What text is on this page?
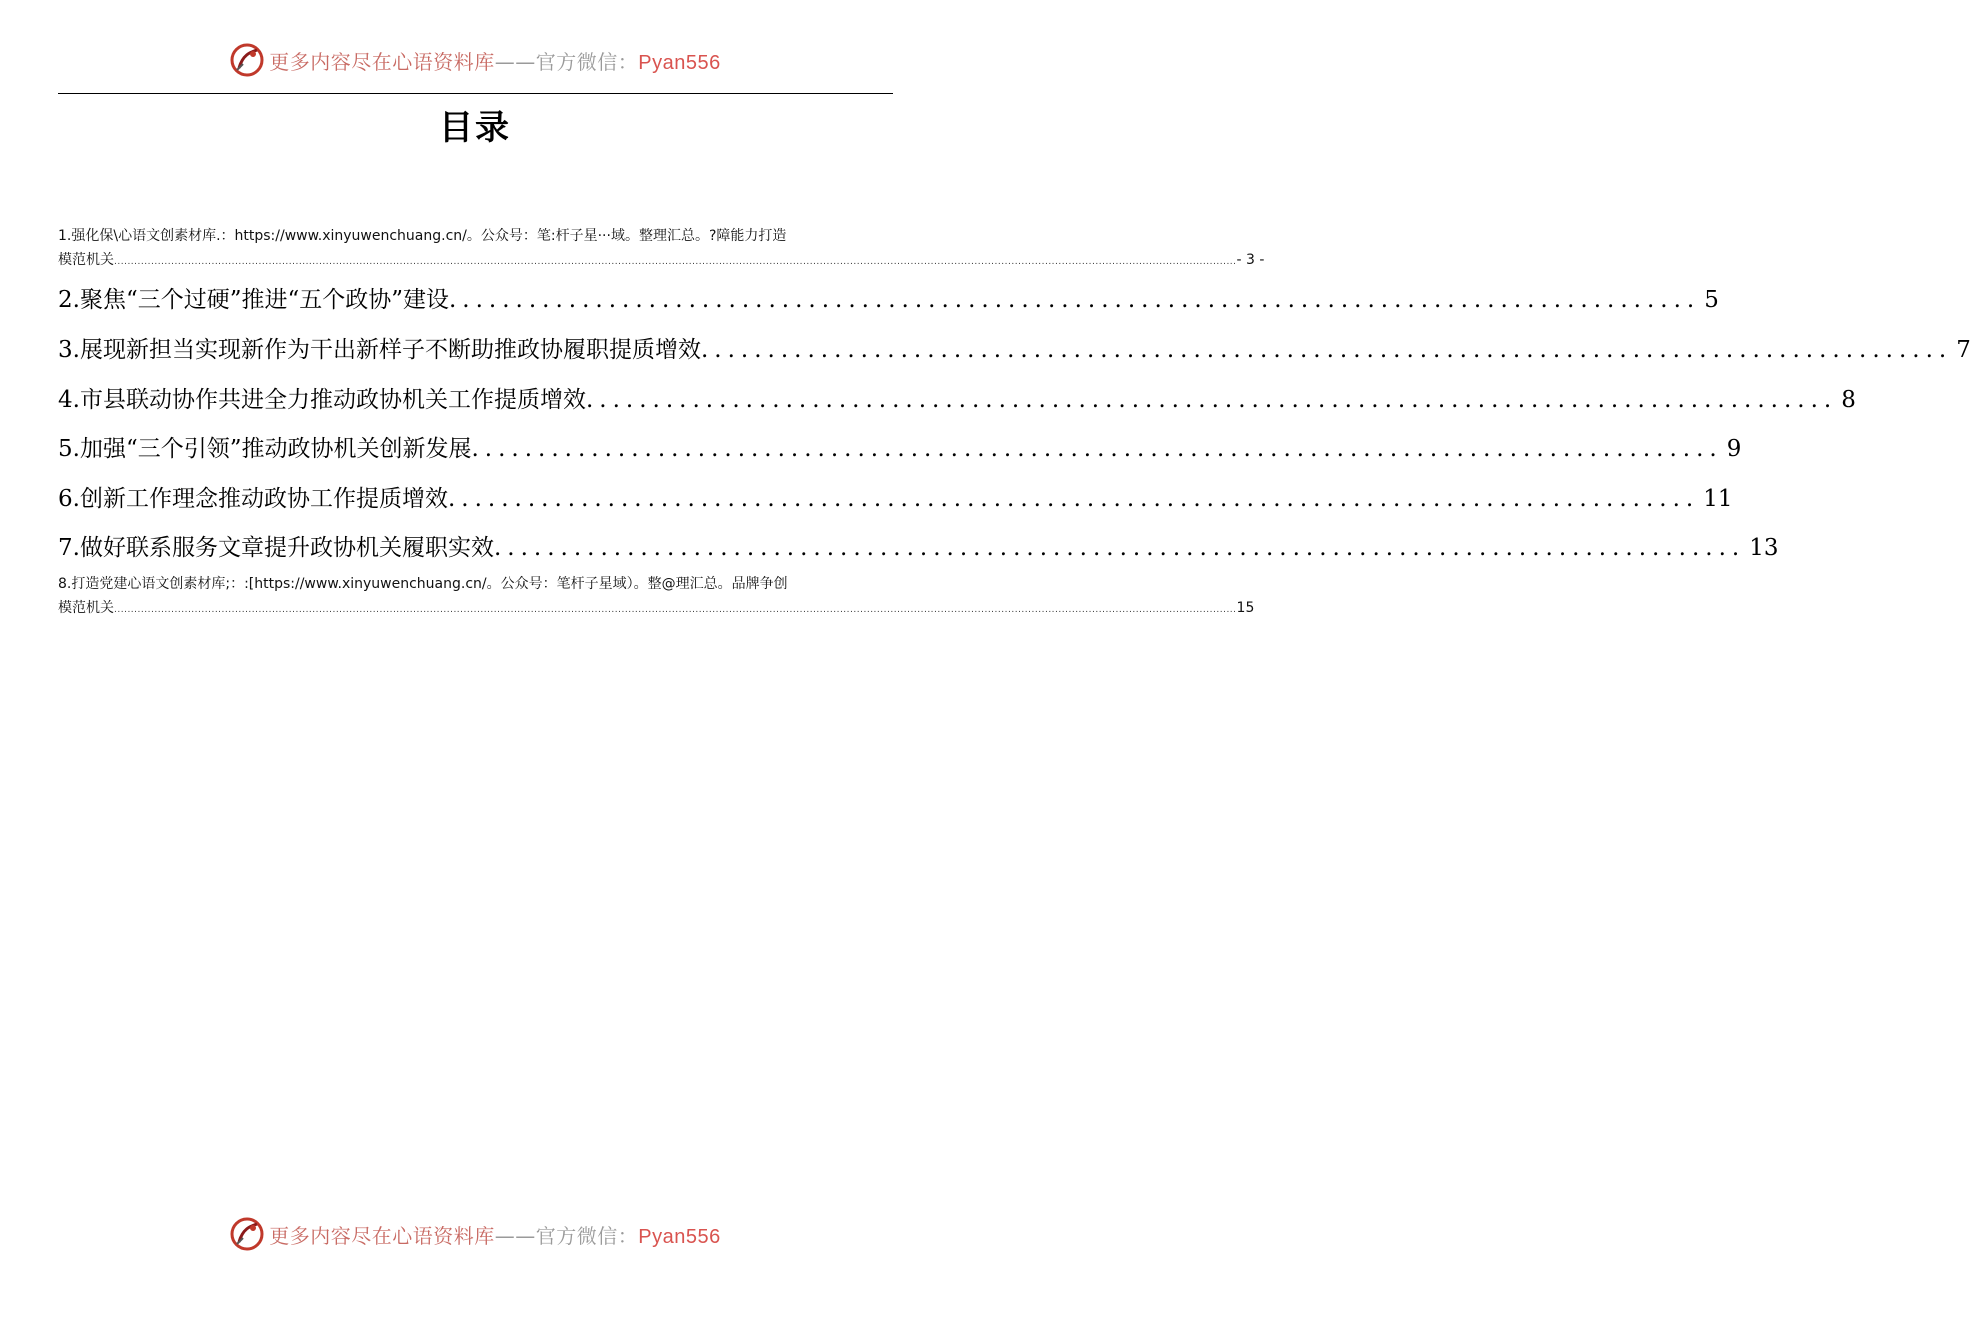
更多内容尽在心语资料库——官方微信：Pyan556
目录
1.强化保\心语文创素材库.：https://www.xinyuwenchuang.cn/。公众号：笔:杆子星···域。整理汇总。?障能力打造
模范机关 .............................................................................................................................................................................................................................................................................................................................................. - 3 -
2.聚焦“三个过硬”推进“五个政协”建设 .............................................................................................. 5
3.展现新担当实现新作为干出新样子不断助推政协履职提质增效 .............................................................................................. 7
4.市县联动协作共进全力推动政协机关工作提质增效 .............................................................................................. 8
5.加强“三个引领”推动政协机关创新发展 .............................................................................................. 9
6.创新工作理念推动政协工作提质增效 .............................................................................................. 11
7.做好联系服务文章提升政协机关履职实效 .............................................................................................. 13
8.打造党建心语文创素材库;：:[https://www.xinyuwenchuang.cn/。公众号：笔杆子星域）。整@理汇总。品牌争创
模范机关 .............................................................................................................................................................................................................................................................................................................................................. 15
更多内容尽在心语资料库——官方微信：Pyan556
